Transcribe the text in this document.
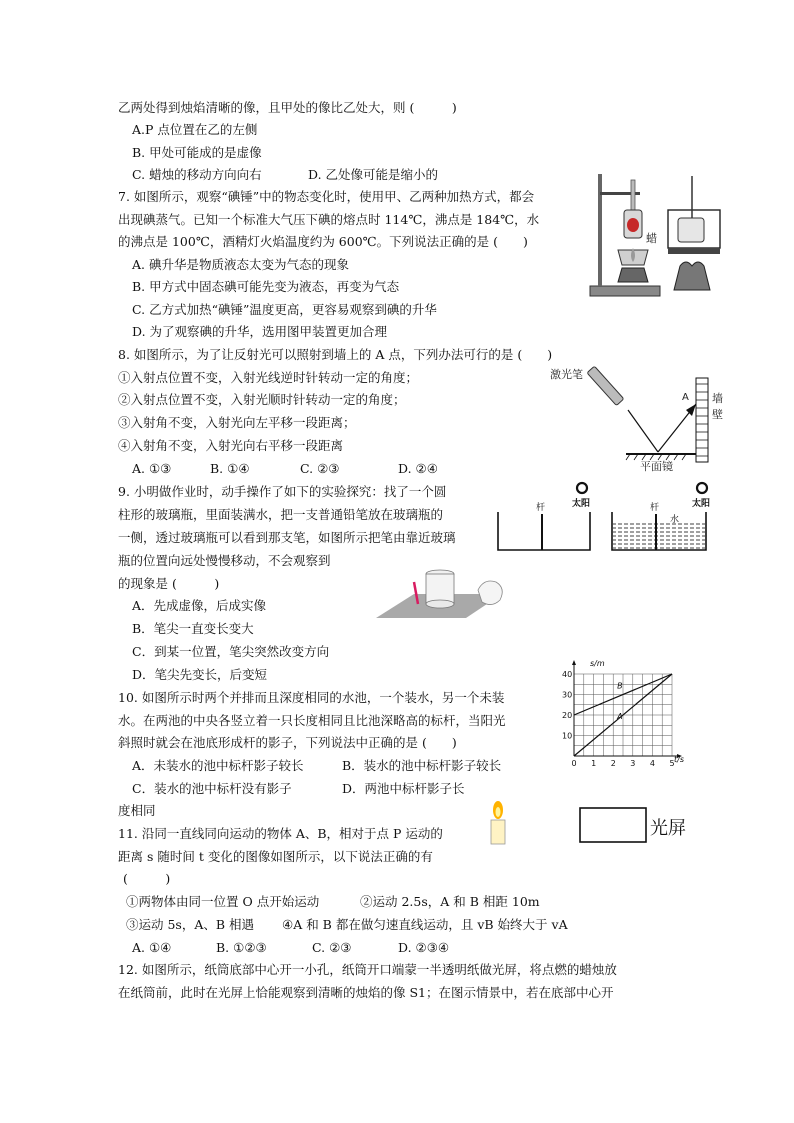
乙两处得到烛焰清晰的像，且甲处的像比乙处大，则 (　　　)
A.P 点位置在乙的左侧
B. 甲处可能成的是虚像
C. 蜡烛的移动方向向右	D. 乙处像可能是缩小的
7. 如图所示，观察“碘锤”中的物态变化时，使用甲、乙两种加热方式，都会
出现碘蒸气。已知一个标准大气压下碘的熔点时 114℃，沸点是 184℃，水
的沸点是 100℃，酒精灯火焰温度约为 600℃。下列说法正确的是 (　　)
A. 碘升华是物质液态太变为气态的现象
B. 甲方式中固态碘可能先变为液态，再变为气态
C. 乙方式加热“碘锤”温度更高，更容易观察到碘的升华
D. 为了观察碘的升华，选用图甲装置更加合理
8. 如图所示，为了让反射光可以照射到墙上的 A 点，下列办法可行的是 (　　)
①入射点位置不变，入射光线逆时针转动一定的角度；
②入射点位置不变，入射光顺时针转动一定的角度；
③入射角不变，入射光向左平移一段距离；
④入射角不变，入射光向右平移一段距离
A. ①③	B. ①④	C. ②③	D. ②④
9. 小明做作业时，动手操作了如下的实验探究：找了一个圆
柱形的玻璃瓶，里面装满水，把一支普通铅笔放在玻璃瓶的
一侧，透过玻璃瓶可以看到那支笔，如图所示把笔由靠近玻璃
瓶的位置向远处慢慢移动，不会观察到
的现象是 (　　　)
A．先成虚像，后成实像
B．笔尖一直变长变大
C．到某一位置，笔尖突然改变方向
D．笔尖先变长，后变短
10. 如图所示时两个并排而且深度相同的水池，一个装水，另一个未装
水。在两池的中央各竖立着一只长度相同且比池深略高的标杆，当阳光
斜照时就会在池底形成杆的影子，下列说法中正确的是 (　　)
A．未装水的池中标杆影子较长	B．装水的池中标杆影子较长
C．装水的池中标杆没有影子	D．两池中标杆影子长
度相同
11. 沿同一直线同向运动的物体 A、B，相对于点 P 运动的
距离 s 随时间 t 变化的图像如图所示，以下说法正确的有
(　　　)
①两物体由同一位置 O 点开始运动	②运动 2.5s，A 和 B 相距 10m
③运动 5s，A、B 相遇 ④A 和 B 都在做匀速直线运动，且 vB 始终大于 vA
A. ①④	B. ①②③	C. ②③	D. ②③④
12. 如图所示，纸筒底部中心开一小孔，纸筒开口端蒙一半透明纸做光屏，将点燃的蜡烛放
在纸筒前，此时在光屏上恰能观察到清晰的烛焰的像 S1；在图示情景中，若在底部中心开
蜡
激光笔
A 墙
壁
平面镜
太阳	太阳
杆	杆
水
0 1 2 3 4 5
10
20
30
40
B
A
s/m
t/s
光屏
